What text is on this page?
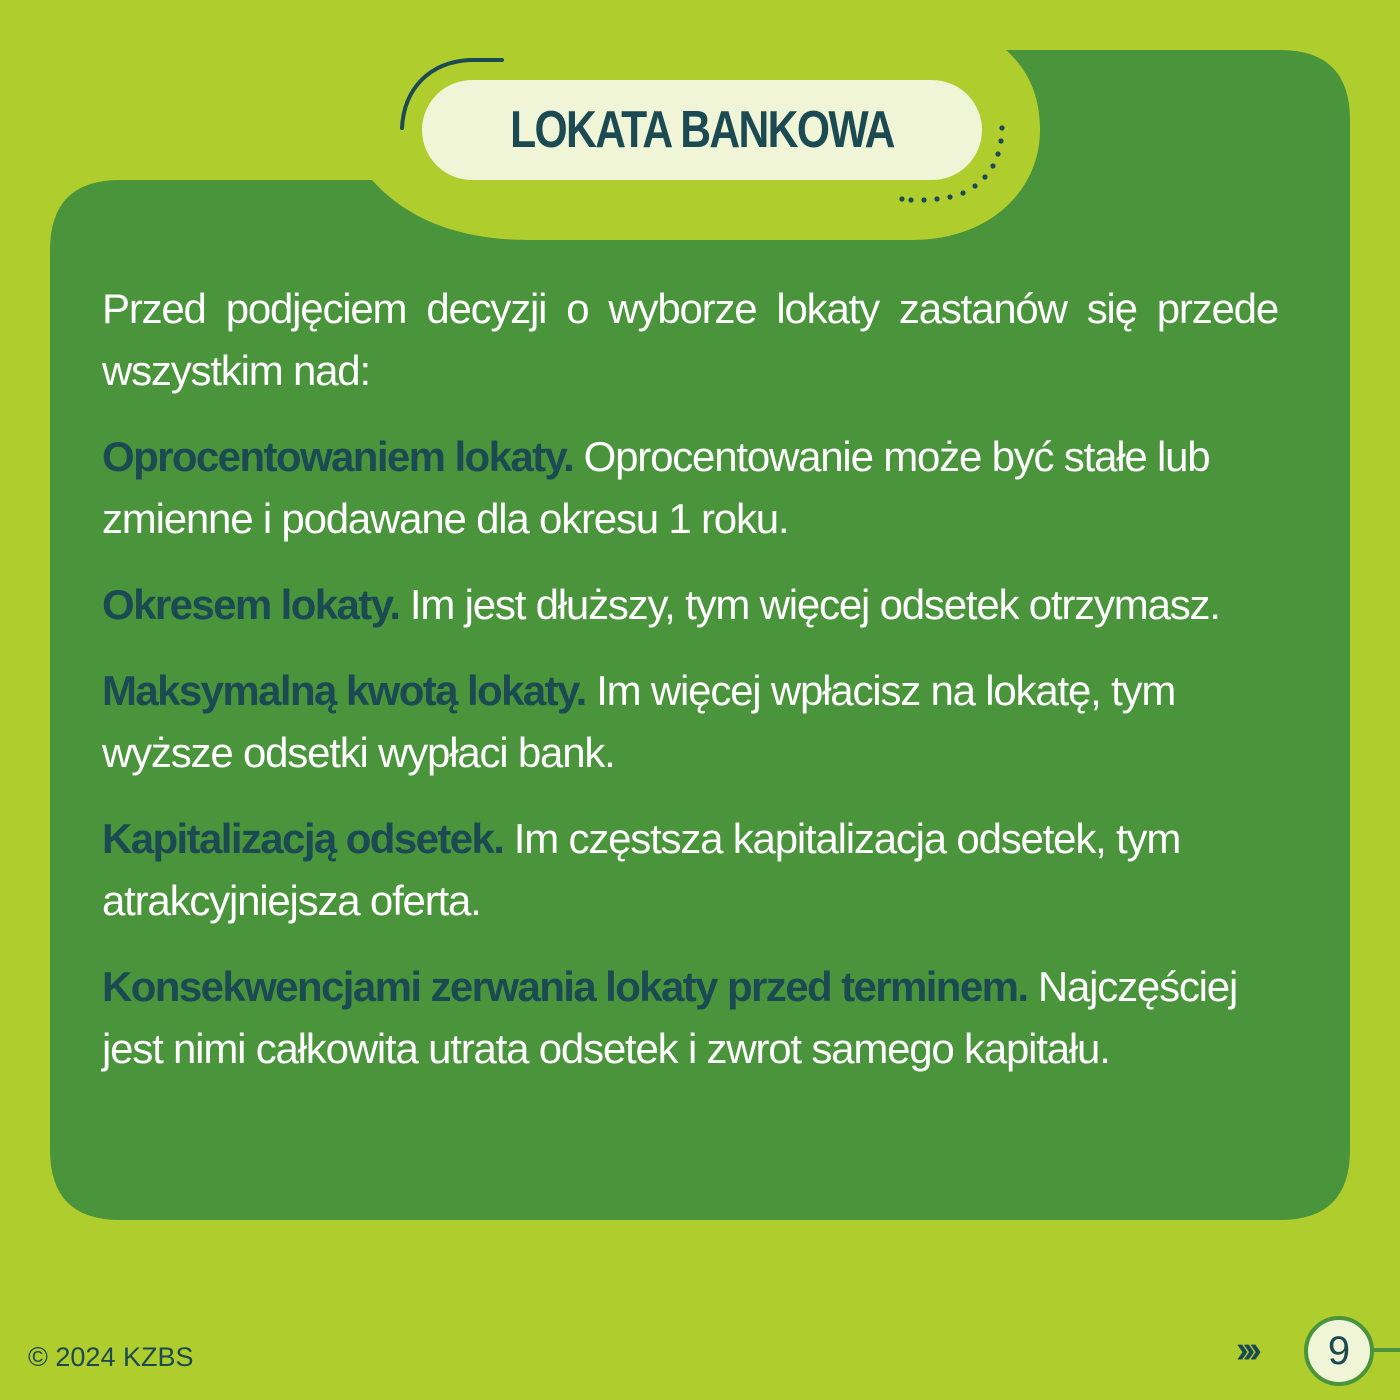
LOKATA BANKOWA

Przed podjęciem decyzji o wyborze lokaty zastanów się przede wszystkim nad:

Oprocentowaniem lokaty. Oprocentowanie może być stałe lub zmienne i podawane dla okresu 1 roku.

Okresem lokaty. Im jest dłuższy, tym więcej odsetek otrzymasz.

Maksymalną kwotą lokaty. Im więcej wpłacisz na lokatę, tym wyższe odsetki wypłaci bank.

Kapitalizacją odsetek. Im częstsza kapitalizacja odsetek, tym atrakcyjniejsza oferta.

Konsekwencjami zerwania lokaty przed terminem. Najczęściej jest nimi całkowita utrata odsetek i zwrot samego kapitału.

© 2024 KZBS	››› 9
